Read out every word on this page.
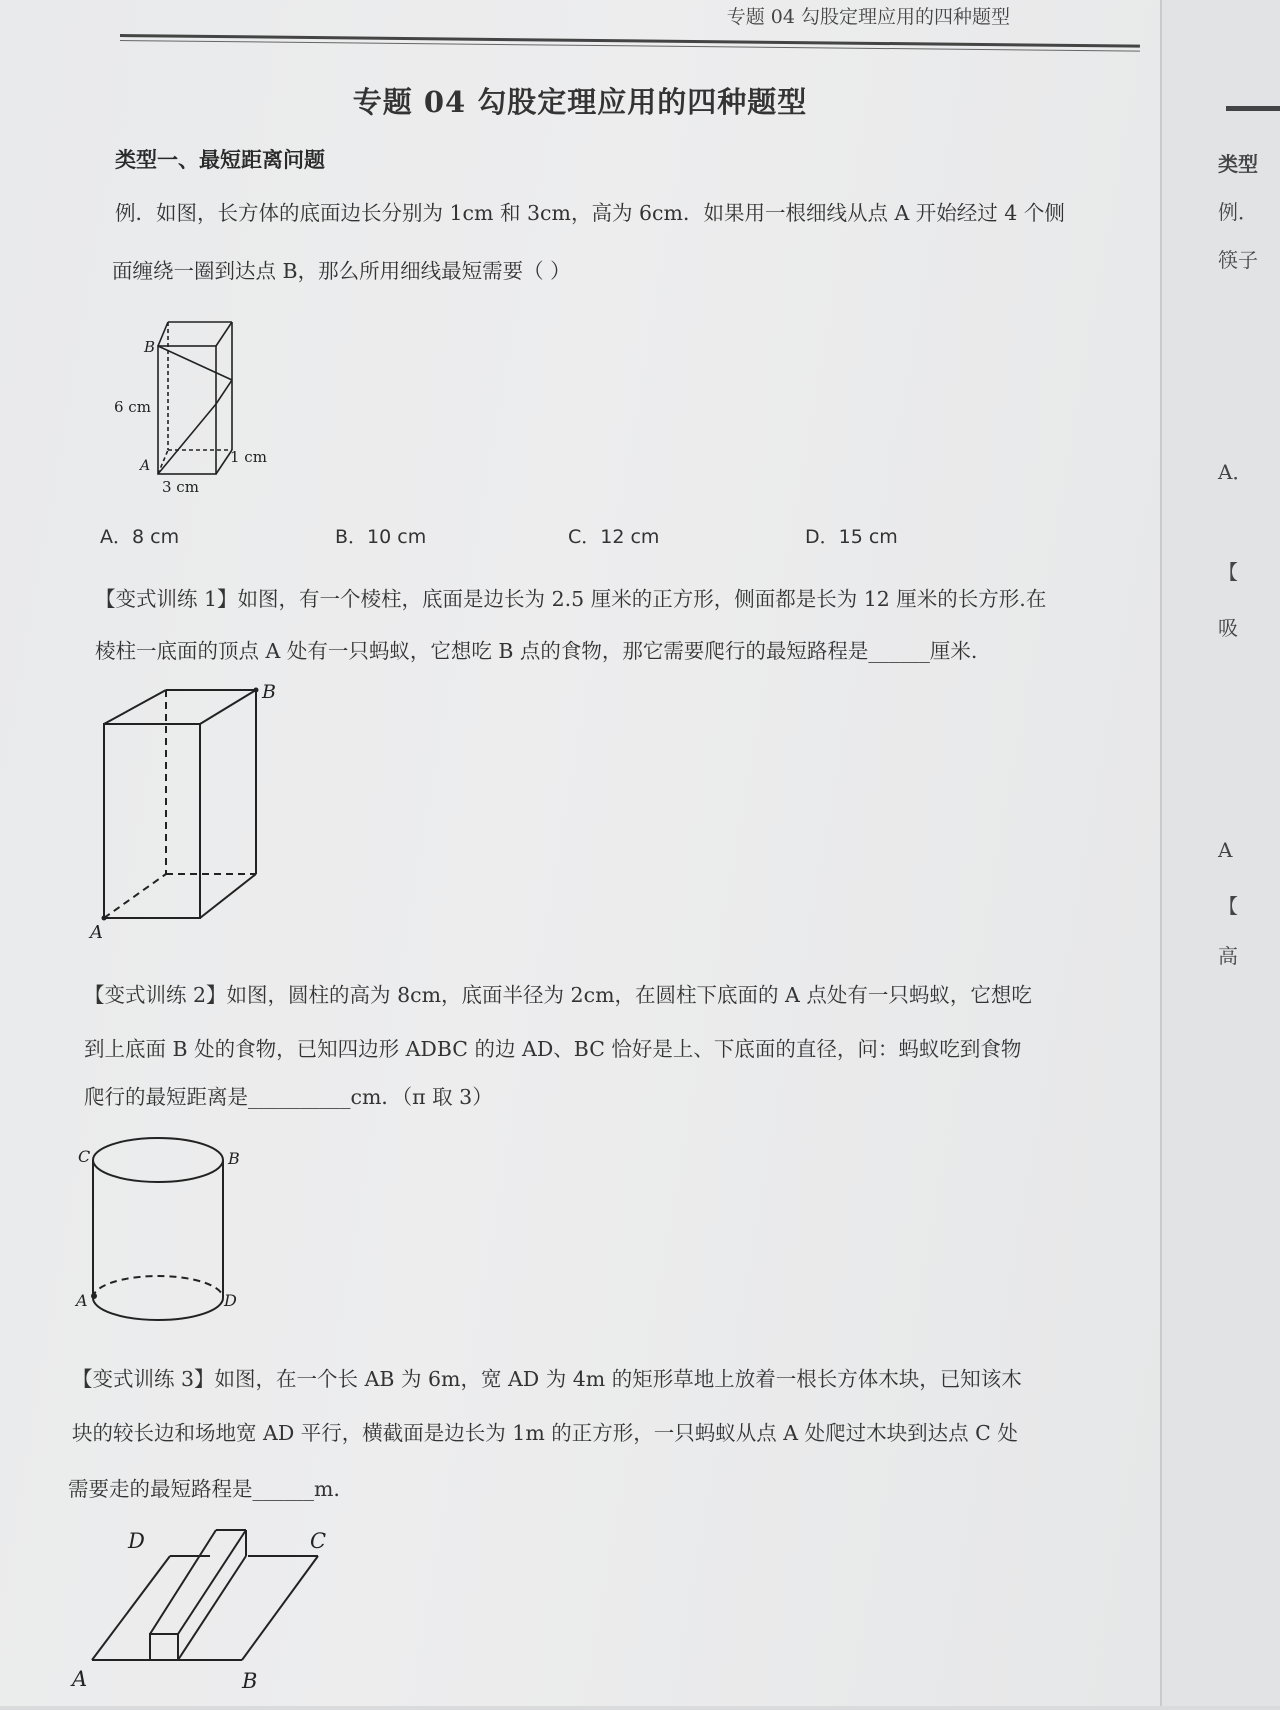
专题 04 勾股定理应用的四种题型
专题 04 勾股定理应用的四种题型
类型一、最短距离问题
例．如图，长方体的底面边长分别为 1cm 和 3cm，高为 6cm．如果用一根细线从点 A 开始经过 4 个侧
面缠绕一圈到达点 B，那么所用细线最短需要（ ）
B
A
6 cm
3 cm
1 cm
A．8 cm	B．10 cm	C．12 cm	D．15 cm
【变式训练 1】如图，有一个棱柱，底面是边长为 2.5 厘米的正方形，侧面都是长为 12 厘米的长方形.在
棱柱一底面的顶点 A 处有一只蚂蚁，它想吃 B 点的食物，那它需要爬行的最短路程是______厘米.
B
A
【变式训练 2】如图，圆柱的高为 8cm，底面半径为 2cm，在圆柱下底面的 A 点处有一只蚂蚁，它想吃
到上底面 B 处的食物，已知四边形 ADBC 的边 AD、BC 恰好是上、下底面的直径，问：蚂蚁吃到食物
爬行的最短距离是__________cm．（π 取 3）
C	B
A	D
【变式训练 3】如图，在一个长 AB 为 6m，宽 AD 为 4m 的矩形草地上放着一根长方体木块，已知该木
块的较长边和场地宽 AD 平行，横截面是边长为 1m 的正方形，一只蚂蚁从点 A 处爬过木块到达点 C 处
需要走的最短路程是______m．
D	C
A	B
类型
例．
筷子
A．
【
吸
A
【
高
